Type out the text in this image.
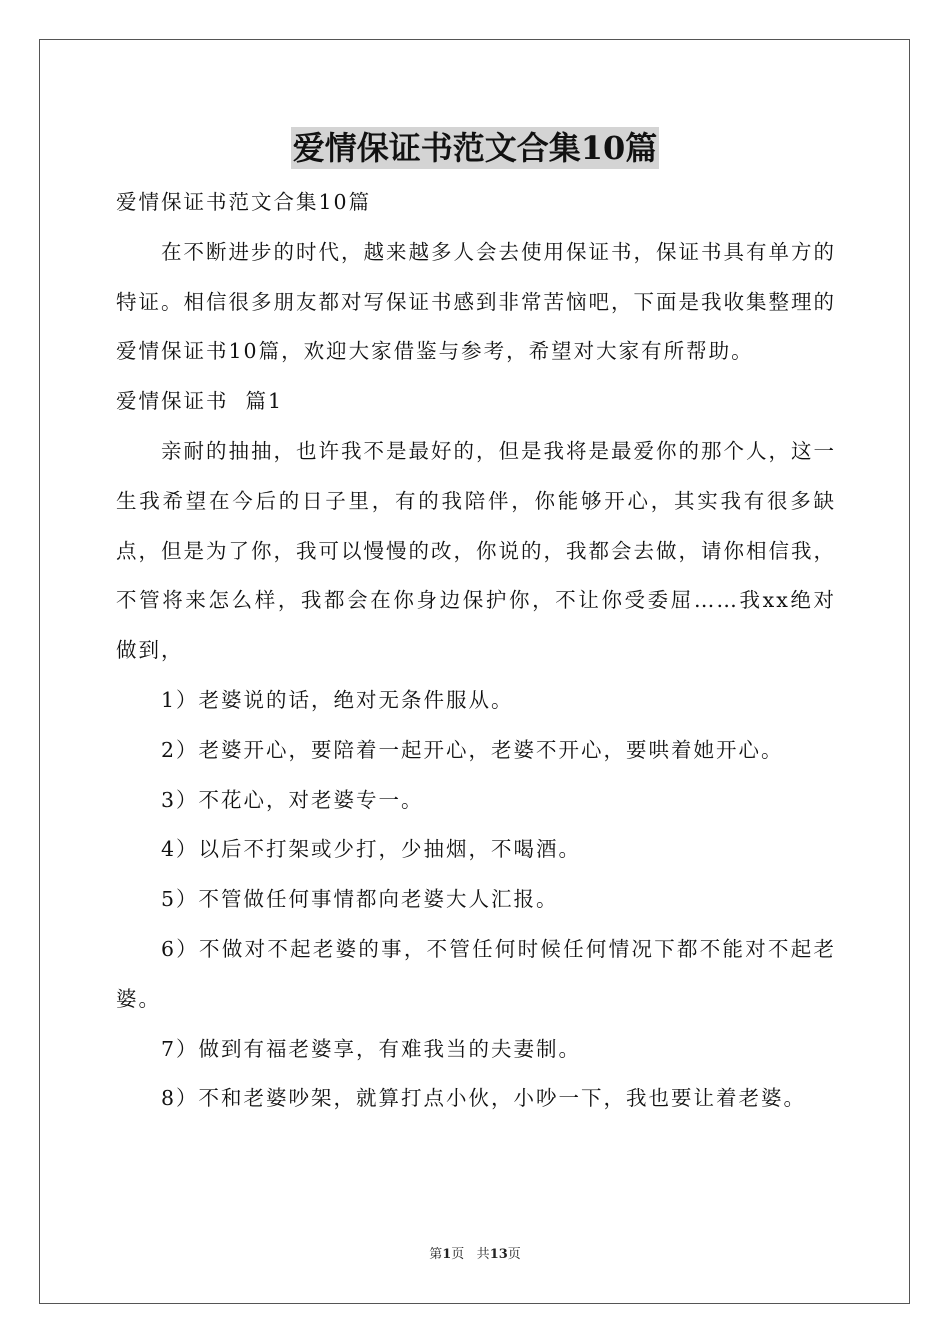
爱情保证书范文合集10篇

爱情保证书范文合集10篇

在不断进步的时代，越来越多人会去使用保证书，保证书具有单方的特证。相信很多朋友都对写保证书感到非常苦恼吧，下面是我收集整理的爱情保证书10篇，欢迎大家借鉴与参考，希望对大家有所帮助。

爱情保证书  篇1

亲耐的抽抽，也许我不是最好的，但是我将是最爱你的那个人，这一生我希望在今后的日子里，有的我陪伴，你能够开心，其实我有很多缺点，但是为了你，我可以慢慢的改，你说的，我都会去做，请你相信我，不管将来怎么样，我都会在你身边保护你，不让你受委屈……我xx绝对做到，

1）老婆说的话，绝对无条件服从。

2）老婆开心，要陪着一起开心，老婆不开心，要哄着她开心。

3）不花心，对老婆专一。

4）以后不打架或少打，少抽烟，不喝酒。

5）不管做任何事情都向老婆大人汇报。

6）不做对不起老婆的事，不管任何时候任何情况下都不能对不起老婆。

7）做到有福老婆享，有难我当的夫妻制。

8）不和老婆吵架，就算打点小伙，小吵一下，我也要让着老婆。

第1页 共13页
